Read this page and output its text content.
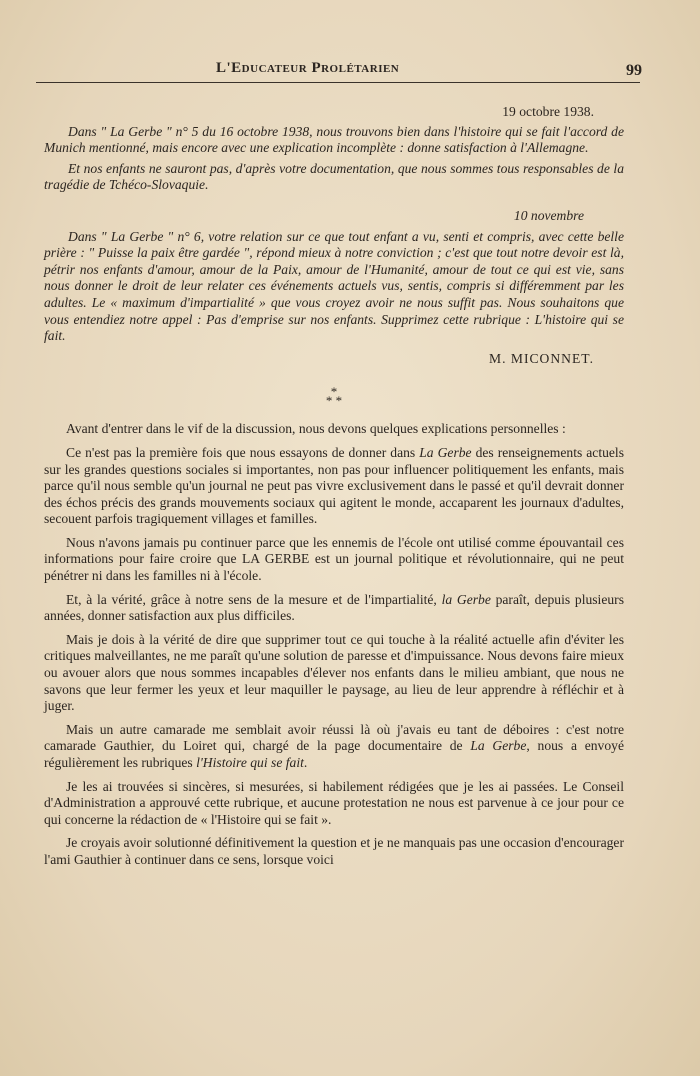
L'Educateur Prolétarien	99
19 octobre 1938.

Dans " La Gerbe " n° 5 du 16 octobre 1938, nous trouvons bien dans l'histoire qui se fait l'accord de Munich mentionné, mais encore avec une explication incomplète : donne satisfaction à l'Allemagne.

Et nos enfants ne sauront pas, d'après votre documentation, que nous sommes tous responsables de la tragédie de Tchéco-Slovaquie.

10 novembre

Dans " La Gerbe " n° 6, votre relation sur ce que tout enfant a vu, senti et compris, avec cette belle prière : " Puisse la paix être gardée ", répond mieux à notre conviction ; c'est que tout notre devoir est là, pétrir nos enfants d'amour, amour de la Paix, amour de l'Humanité, amour de tout ce qui est vie, sans nous donner le droit de leur relater ces événements actuels vus, sentis, compris si différemment par les adultes. Le « maximum d'impartialité » que vous croyez avoir ne nous suffit pas. Nous souhaitons que vous entendiez notre appel : Pas d'emprise sur nos enfants. Supprimez cette rubrique : L'histoire qui se fait.

M. MICONNET.
*
* *

Avant d'entrer dans le vif de la discussion, nous devons quelques explications personnelles :

Ce n'est pas la première fois que nous essayons de donner dans La Gerbe des renseignements actuels sur les grandes questions sociales si importantes, non pas pour influencer politiquement les enfants, mais parce qu'il nous semble qu'un journal ne peut pas vivre exclusivement dans le passé et qu'il devrait donner des échos précis des grands mouvements sociaux qui agitent le monde, accaparent les journaux d'adultes, secouent parfois tragiquement villages et familles.

Nous n'avons jamais pu continuer parce que les ennemis de l'école ont utilisé comme épouvantail ces informations pour faire croire que LA GERBE est un journal politique et révolutionnaire, qui ne peut pénétrer ni dans les familles ni à l'école.

Et, à la vérité, grâce à notre sens de la mesure et de l'impartialité, la Gerbe paraît, depuis plusieurs années, donner satisfaction aux plus difficiles.

Mais je dois à la vérité de dire que supprimer tout ce qui touche à la réalité actuelle afin d'éviter les critiques malveillantes, ne me paraît qu'une solution de paresse et d'impuissance. Nous devons faire mieux ou avouer alors que nous sommes incapables d'élever nos enfants dans le milieu ambiant, que nous ne savons que leur fermer les yeux et leur maquiller le paysage, au lieu de leur apprendre à réfléchir et à juger.

Mais un autre camarade me semblait avoir réussi là où j'avais eu tant de déboires : c'est notre camarade Gauthier, du Loiret qui, chargé de la page documentaire de La Gerbe, nous a envoyé régulièrement les rubriques l'Histoire qui se fait.

Je les ai trouvées si sincères, si mesurées, si habilement rédigées que je les ai passées. Le Conseil d'Administration a approuvé cette rubrique, et aucune protestation ne nous est parvenue à ce jour pour ce qui concerne la rédaction de « l'Histoire qui se fait ».

Je croyais avoir solutionné définitivement la question et je ne manquais pas une occasion d'encourager l'ami Gauthier à continuer dans ce sens, lorsque voici
